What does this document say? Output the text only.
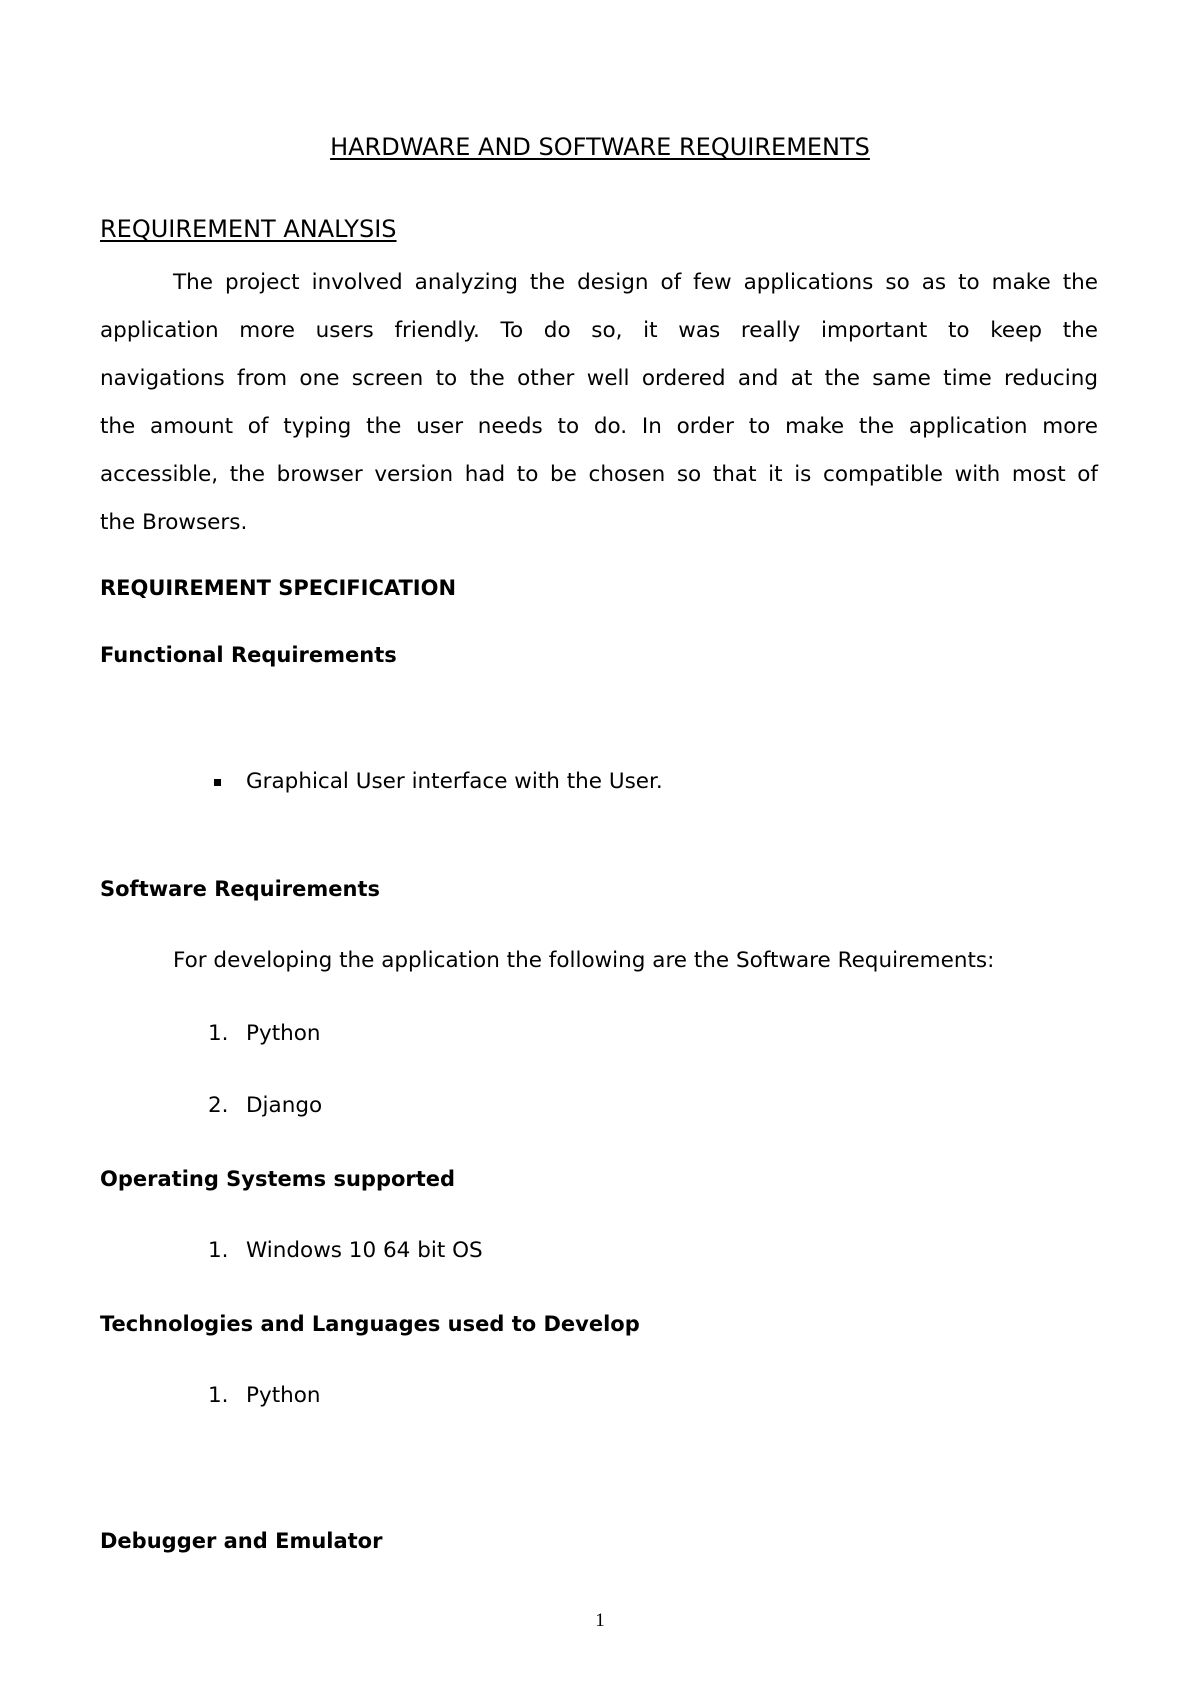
HARDWARE AND SOFTWARE REQUIREMENTS
REQUIREMENT ANALYSIS
The project involved analyzing the design of few applications so as to make the
application more users friendly. To do so, it was really important to keep the
navigations from one screen to the other well ordered and at the same time reducing
the amount of typing the user needs to do. In order to make the application more
accessible, the browser version had to be chosen so that it is compatible with most of
the Browsers.
REQUIREMENT SPECIFICATION
Functional Requirements
Graphical User interface with the User.
Software Requirements
For developing the application the following are the Software Requirements:
1. Python
2. Django
Operating Systems supported
1. Windows 10 64 bit OS
Technologies and Languages used to Develop
1. Python
Debugger and Emulator
1
